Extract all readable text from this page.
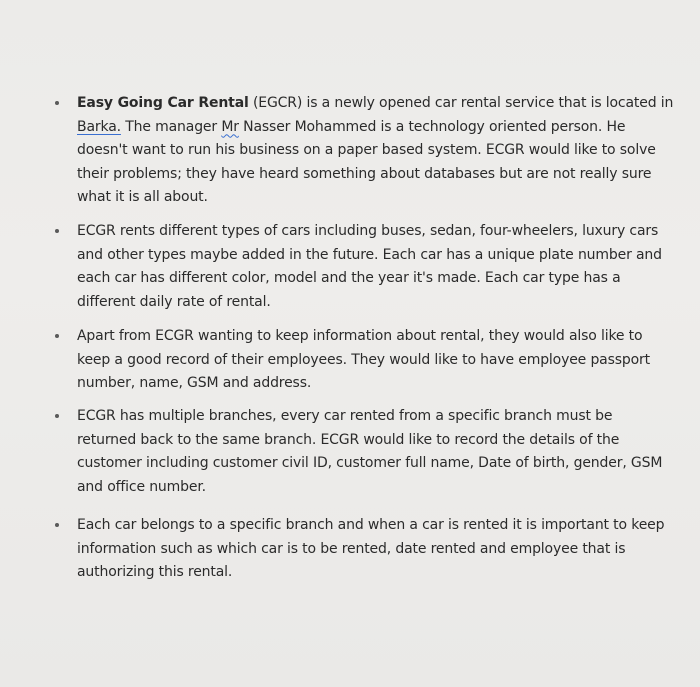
Easy Going Car Rental (EGCR) is a newly opened car rental service that is located in Barka. The manager Mr Nasser Mohammed is a technology oriented person. He doesn't want to run his business on a paper based system. ECGR would like to solve their problems; they have heard something about databases but are not really sure what it is all about.

ECGR rents different types of cars including buses, sedan, four-wheelers, luxury cars and other types maybe added in the future. Each car has a unique plate number and each car has different color, model and the year it's made. Each car type has a different daily rate of rental.

Apart from ECGR wanting to keep information about rental, they would also like to keep a good record of their employees. They would like to have employee passport number, name, GSM and address.

ECGR has multiple branches, every car rented from a specific branch must be returned back to the same branch. ECGR would like to record the details of the customer including customer civil ID, customer full name, Date of birth, gender, GSM and office number.

Each car belongs to a specific branch and when a car is rented it is important to keep information such as which car is to be rented, date rented and employee that is authorizing this rental.
